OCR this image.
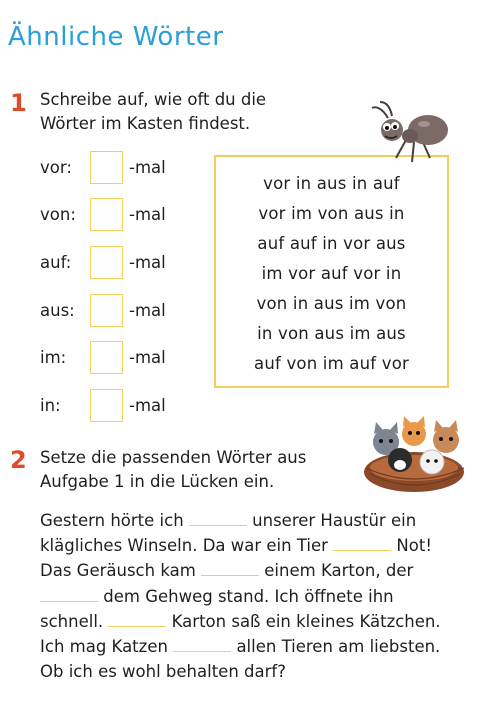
Ähnliche Wörter
1 Schreibe auf, wie oft du die
Wörter im Kasten findest.
vor:	-mal
von:	-mal
auf:	-mal
aus:	-mal
im:	-mal
in:	-mal
vor in aus in auf
vor im von aus in
auf auf in vor aus
im vor auf vor in
von in aus im von
in von aus im aus
auf von im auf vor
2 Setze die passenden Wörter aus
Aufgabe 1 in die Lücken ein.
Gestern hörte ich	unserer Haustür ein
klägliches Winseln. Da war ein Tier	Not!
Das Geräusch kam	einem Karton, der
dem Gehweg stand. Ich öffnete ihn
schnell.	Karton saß ein kleines Kätzchen.
Ich mag Katzen	allen Tieren am liebsten.
Ob ich es wohl behalten darf?
